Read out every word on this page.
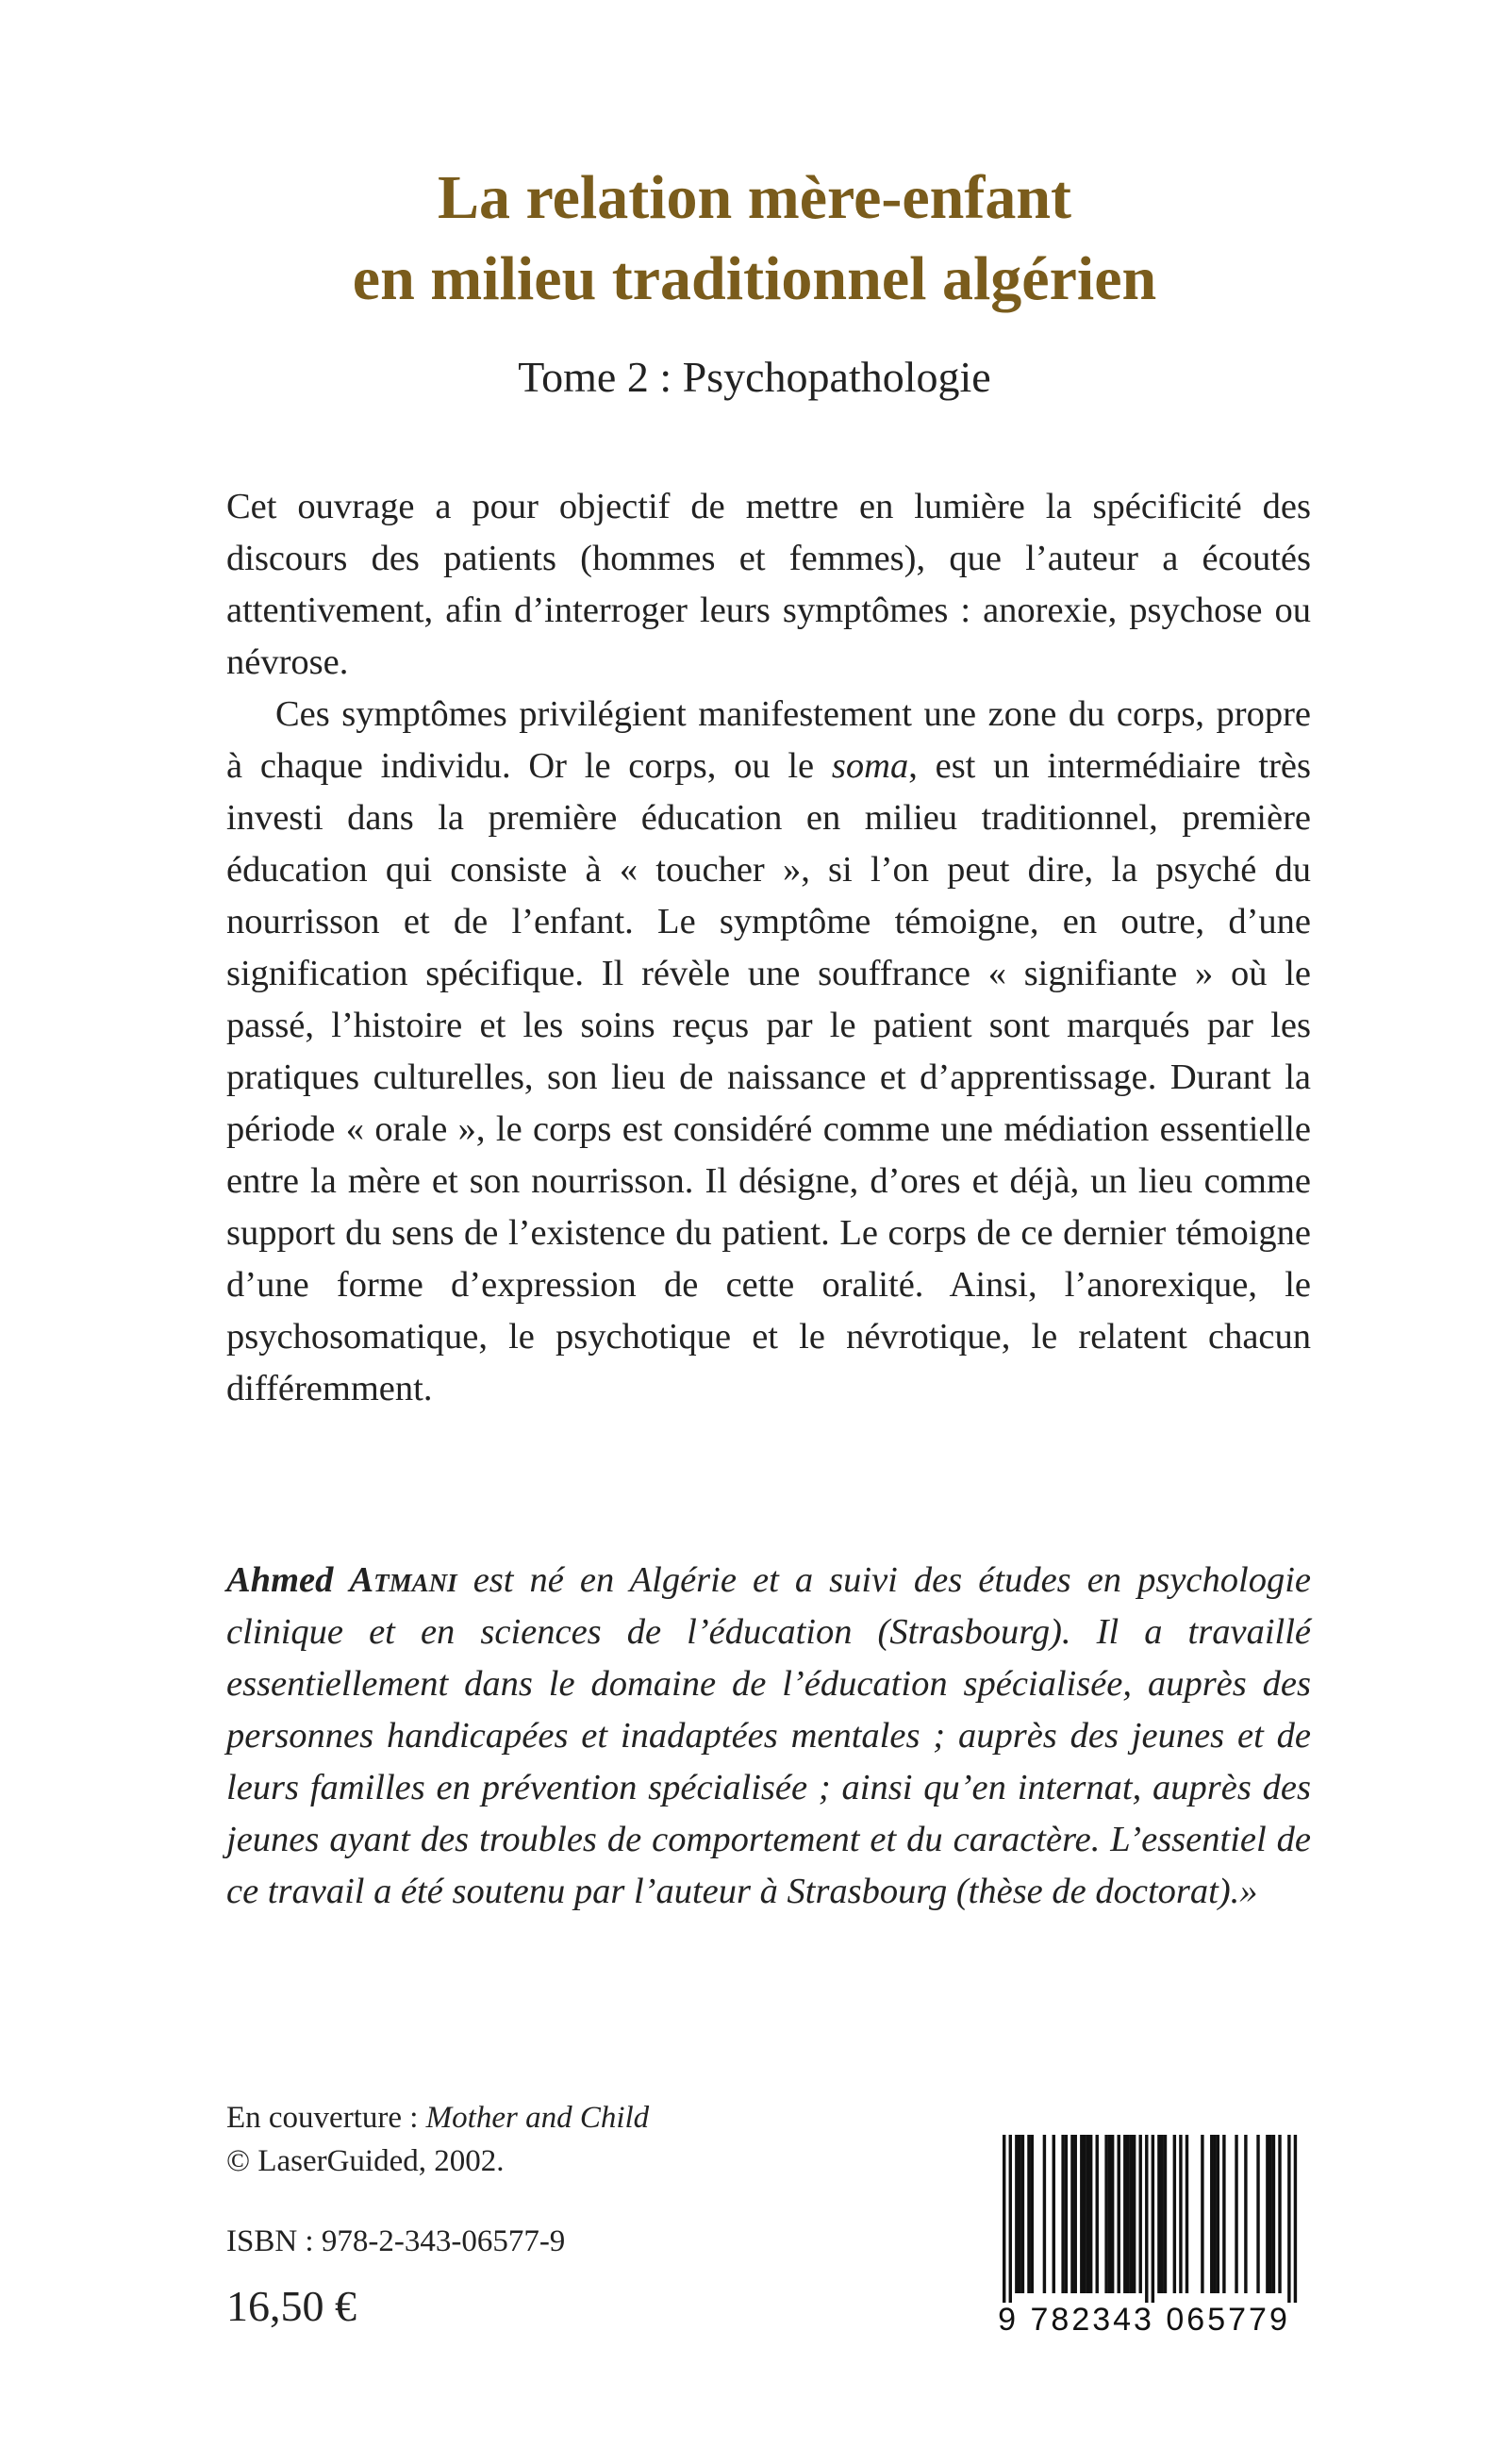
La relation mère-enfant
en milieu traditionnel algérien

Tome 2 : Psychopathologie

Cet ouvrage a pour objectif de mettre en lumière la spécificité des discours des patients (hommes et femmes), que l’auteur a écoutés attentivement, afin d’interroger leurs symptômes : anorexie, psychose ou névrose.

Ces symptômes privilégient manifestement une zone du corps, propre à chaque individu. Or le corps, ou le soma, est un intermédiaire très investi dans la première éducation en milieu traditionnel, première éducation qui consiste à « toucher », si l’on peut dire, la psyché du nourrisson et de l’enfant. Le symptôme témoigne, en outre, d’une signification spécifique. Il révèle une souffrance « signifiante » où le passé, l’histoire et les soins reçus par le patient sont marqués par les pratiques culturelles, son lieu de naissance et d’apprentissage. Durant la période « orale », le corps est considéré comme une médiation essentielle entre la mère et son nourrisson. Il désigne, d’ores et déjà, un lieu comme support du sens de l’existence du patient. Le corps de ce dernier témoigne d’une forme d’expression de cette oralité. Ainsi, l’anorexique, le psychosomatique, le psychotique et le névrotique, le relatent chacun différemment.

Ahmed Atmani est né en Algérie et a suivi des études en psychologie clinique et en sciences de l’éducation (Strasbourg). Il a travaillé essentiellement dans le domaine de l’éducation spécialisée, auprès des personnes handicapées et inadaptées mentales ; auprès des jeunes et de leurs familles en prévention spécialisée ; ainsi qu’en internat, auprès des jeunes ayant des troubles de comportement et du caractère. L’essentiel de ce travail a été soutenu par l’auteur à Strasbourg (thèse de doctorat).»

En couverture : Mother and Child

© LaserGuided, 2002.

ISBN : 978-2-343-06577-9

16,50 €	9 782343 065779
